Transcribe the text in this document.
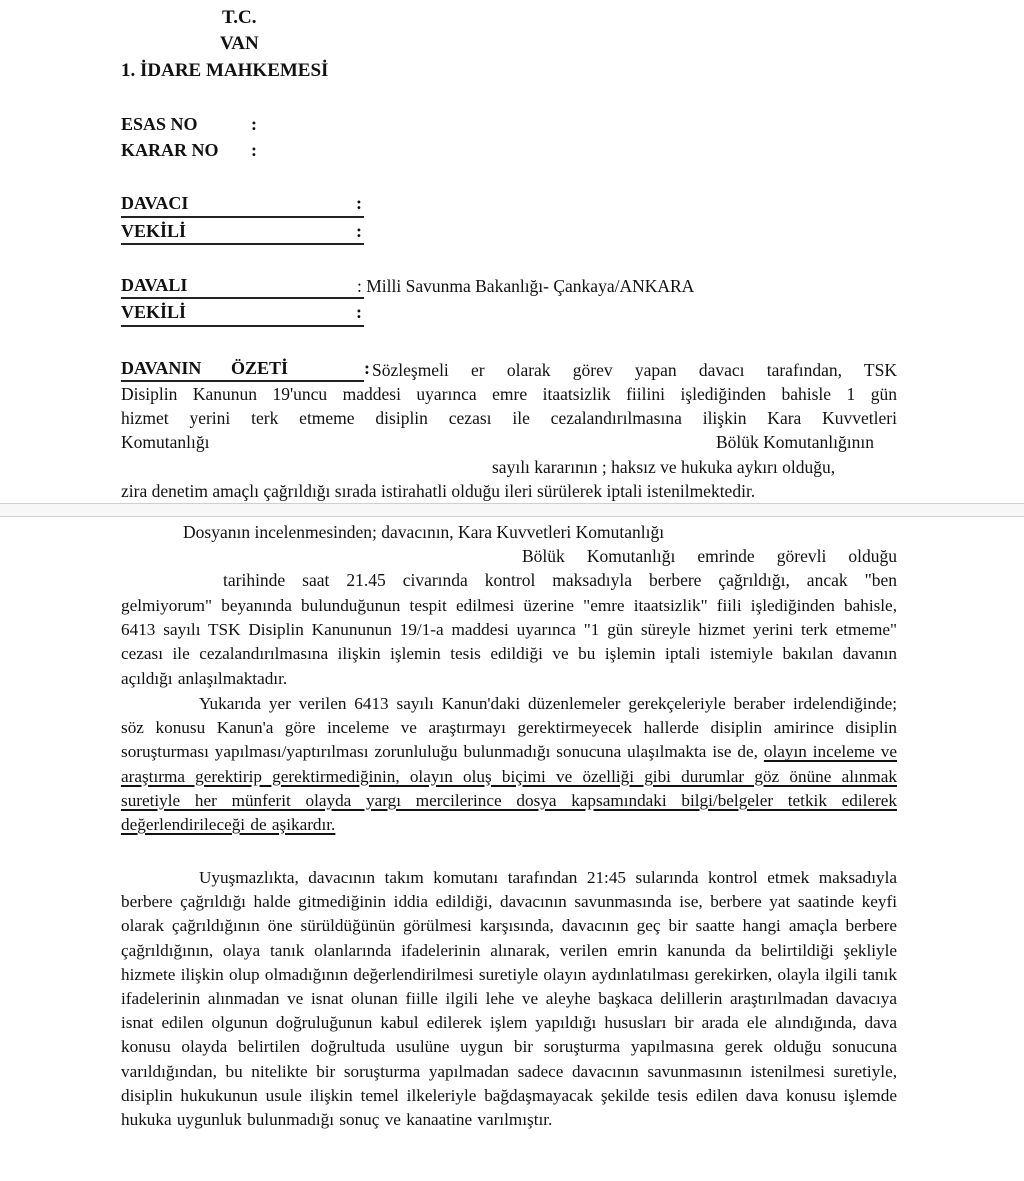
T.C.
VAN
1. İDARE MAHKEMESİ
ESAS NO	:
KARAR NO :
DAVACI	:
VEKİLİ	:
DAVALI	: Milli Savunma Bakanlığı- Çankaya/ANKARA
VEKİLİ	:
DAVANIN ÖZETİ	: Sözleşmeli er olarak görev yapan davacı tarafından, TSK
Disiplin Kanunun 19'uncu maddesi uyarınca emre itaatsizlik fiilini işlediğinden bahisle 1 gün
hizmet yerini terk etmeme disiplin cezası ile cezalandırılmasına ilişkin Kara Kuvvetleri
Komutanlığı	Bölük Komutanlığının
sayılı kararının ; haksız ve hukuka aykırı olduğu,
zira denetim amaçlı çağrıldığı sırada istirahatli olduğu ileri sürülerek iptali istenilmektedir.
Dosyanın incelenmesinden; davacının, Kara Kuvvetleri Komutanlığı
Bölük Komutanlığı emrinde görevli olduğu
tarihinde saat 21.45 civarında kontrol maksadıyla berbere çağrıldığı, ancak "ben
gelmiyorum" beyanında bulunduğunun tespit edilmesi üzerine "emre itaatsizlik" fiili işlediğinden bahisle, 6413 sayılı TSK Disiplin Kanununun 19/1-a maddesi uyarınca "1 gün süreyle hizmet yerini terk etmeme" cezası ile cezalandırılmasına ilişkin işlemin tesis edildiği ve bu işlemin iptali istemiyle bakılan davanın açıldığı anlaşılmaktadır.
Yukarıda yer verilen 6413 sayılı Kanun'daki düzenlemeler gerekçeleriyle beraber irdelendiğinde; söz konusu Kanun'a göre inceleme ve araştırmayı gerektirmeyecek hallerde disiplin amirince disiplin soruşturması yapılması/yaptırılması zorunluluğu bulunmadığı sonucuna ulaşılmakta ise de, olayın inceleme ve araştırma gerektirip gerektirmediğinin, olayın oluş biçimi ve özelliği gibi durumlar göz önüne alınmak suretiyle her münferit olayda yargı mercilerince dosya kapsamındaki bilgi/belgeler tetkik edilerek değerlendirileceği de aşikardır.
Uyuşmazlıkta, davacının takım komutanı tarafından 21:45 sularında kontrol etmek maksadıyla berbere çağrıldığı halde gitmediğinin iddia edildiği, davacının savunmasında ise, berbere yat saatinde keyfi olarak çağrıldığının öne sürüldüğünün görülmesi karşısında, davacının geç bir saatte hangi amaçla berbere çağrıldığının, olaya tanık olanlarında ifadelerinin alınarak, verilen emrin kanunda da belirtildiği şekliyle hizmete ilişkin olup olmadığının değerlendirilmesi suretiyle olayın aydınlatılması gerekirken, olayla ilgili tanık ifadelerinin alınmadan ve isnat olunan fiille ilgili lehe ve aleyhe başkaca delillerin araştırılmadan davacıya isnat edilen olgunun doğruluğunun kabul edilerek işlem yapıldığı hususları bir arada ele alındığında, dava konusu olayda belirtilen doğrultuda usulüne uygun bir soruşturma yapılmasına gerek olduğu sonucuna varıldığından, bu nitelikte bir soruşturma yapılmadan sadece davacının savunmasının istenilmesi suretiyle, disiplin hukukunun usule ilişkin temel ilkeleriyle bağdaşmayacak şekilde tesis edilen dava konusu işlemde hukuka uygunluk bulunmadığı sonuç ve kanaatine varılmıştır.
